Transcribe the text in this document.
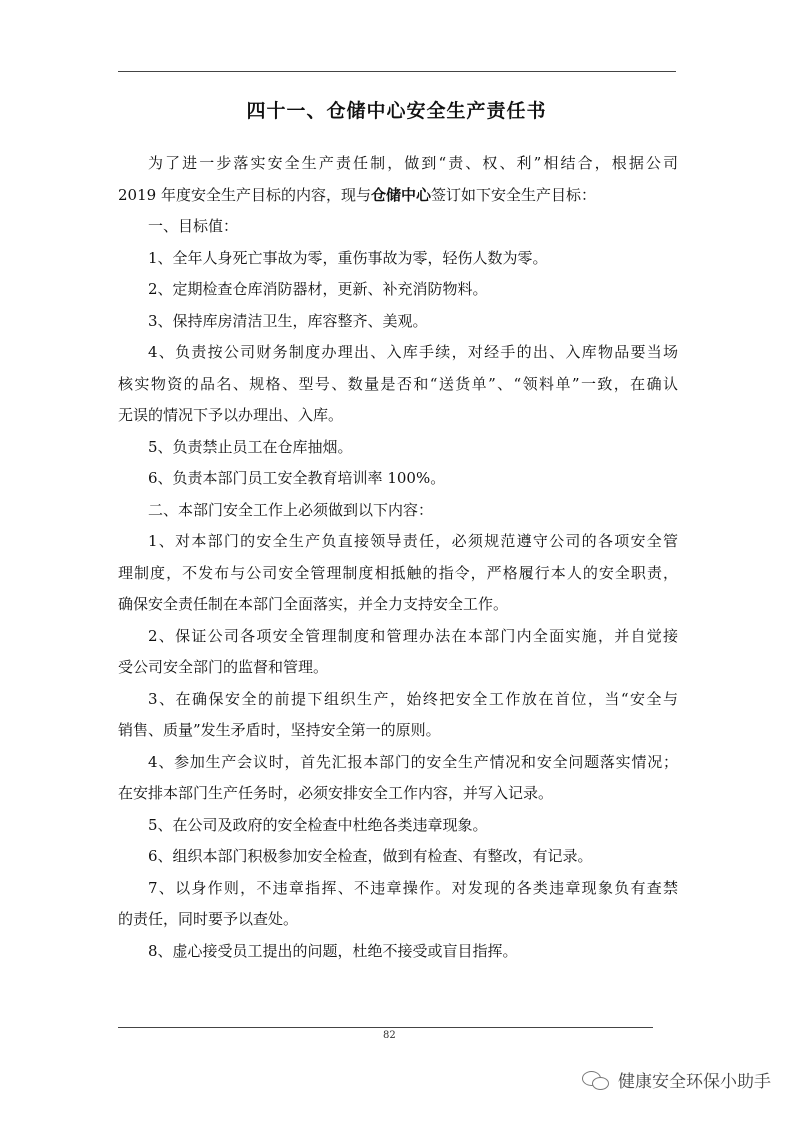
四十一、仓储中心安全生产责任书
为了进一步落实安全生产责任制，做到“责、权、利”相结合，根据公司
2019 年度安全生产目标的内容，现与仓储中心签订如下安全生产目标：
一、目标值：
1、全年人身死亡事故为零，重伤事故为零，轻伤人数为零。
2、定期检查仓库消防器材，更新、补充消防物料。
3、保持库房清洁卫生，库容整齐、美观。
4、负责按公司财务制度办理出、入库手续，对经手的出、入库物品要当场
核实物资的品名、规格、型号、数量是否和“送货单”、“领料单”一致，在确认
无误的情况下予以办理出、入库。
5、负责禁止员工在仓库抽烟。
6、负责本部门员工安全教育培训率 100%。
二、本部门安全工作上必须做到以下内容：
1、对本部门的安全生产负直接领导责任，必须规范遵守公司的各项安全管
理制度，不发布与公司安全管理制度相抵触的指令，严格履行本人的安全职责，
确保安全责任制在本部门全面落实，并全力支持安全工作。
2、保证公司各项安全管理制度和管理办法在本部门内全面实施，并自觉接
受公司安全部门的监督和管理。
3、在确保安全的前提下组织生产，始终把安全工作放在首位，当“安全与
销售、质量”发生矛盾时，坚持安全第一的原则。
4、参加生产会议时，首先汇报本部门的安全生产情况和安全问题落实情况；
在安排本部门生产任务时，必须安排安全工作内容，并写入记录。
5、在公司及政府的安全检查中杜绝各类违章现象。
6、组织本部门积极参加安全检查，做到有检查、有整改，有记录。
7、以身作则，不违章指挥、不违章操作。对发现的各类违章现象负有查禁
的责任，同时要予以查处。
8、虚心接受员工提出的问题，杜绝不接受或盲目指挥。
82
健康安全环保小助手
